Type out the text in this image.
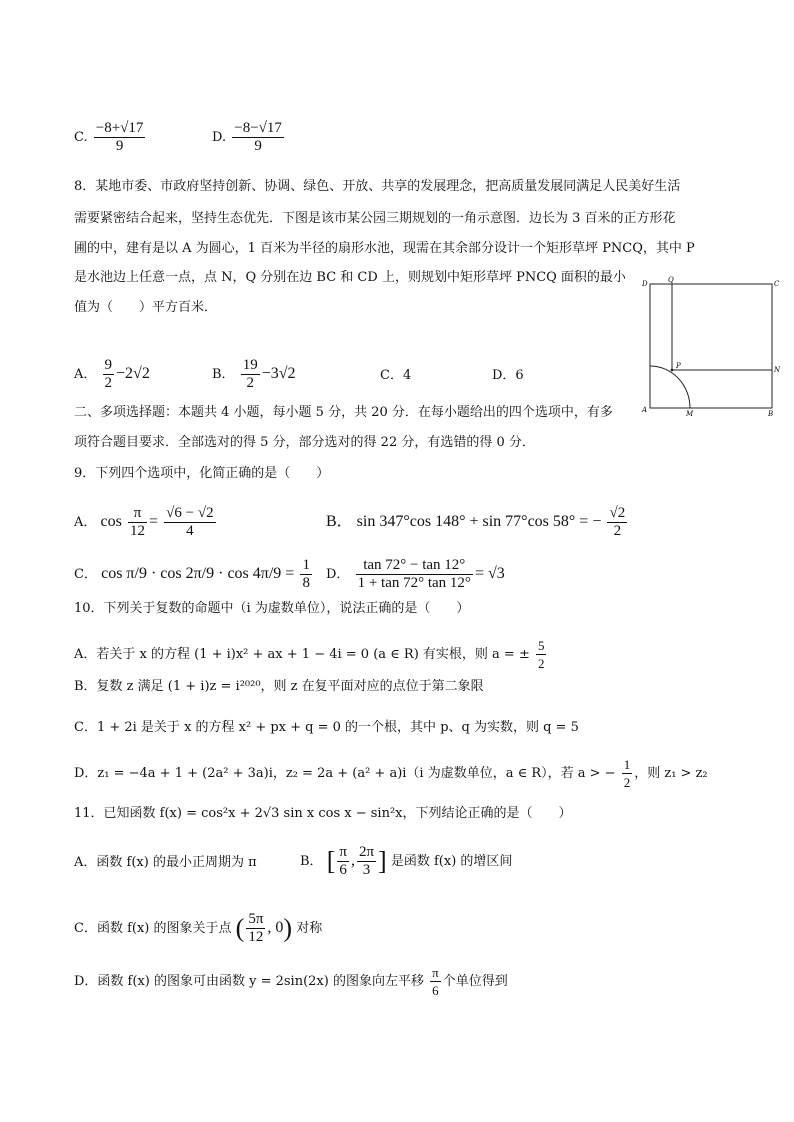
C. $\frac{-8+√17}{9}$	D. $\frac{-8-√17}{9}$
8．某地市委、市政府坚持创新、协调、绿色、开放、共享的发展理念，把高质量发展同满足人民美好生活
需要紧密结合起来，坚持生态优先．下图是该市某公园三期规划的一角示意图．边长为 3 百米的正方形花
圃的中，建有是以 A 为圆心，1 百米为半径的扇形水池，现需在其余部分设计一个矩形草坪 PNCQ，其中 P
是水池边上任意一点，点 N，Q 分别在边 BC 和 CD 上，则规划中矩形草坪 PNCQ 面积的最小
值为（　　）平方百米．
A． $\frac{9}{2} -2√2$	B． $\frac{19}{2} -3√2$	C．4	D．6
D	Q	C
P	N
A	M	B
二、多项选择题：本题共 4 小题，每小题 5 分，共 20 分．在每小题给出的四个选项中，有多
项符合题目要求．全部选对的得 5 分，部分选对的得 22 分，有选错的得 0 分．
9．下列四个选项中，化简正确的是（　　）
A． $\cos \frac{\pi}{12} = \frac{√6 - √2}{4}$	B． sin 347°cos 148° + sin 77°cos 58° = − $\frac{√2}{2}$
C． $\cos \pi/9 \cdot \cos 2\pi/9 \cdot \cos 4\pi/9 = \frac{1}{8}$ D． $\frac{\tan 72^\circ - \tan 12^\circ}{1 + \tan 72^\circ \tan 12^\circ} = √3$
10．下列关于复数的命题中（i 为虚数单位），说法正确的是（　　）
A．若关于 x 的方程 (1 + i)x² + ax + 1 − 4i = 0 (a ∈ R) 有实根，则 a = ± $\frac{5}{2}$
B．复数 z 满足 (1 + i)z = i²⁰²⁰，则 z 在复平面对应的点位于第二象限
C．1 + 2i 是关于 x 的方程 x² + px + q = 0 的一个根，其中 p、q 为实数，则 q = 5
D．z₁ = −4a + 1 + (2a² + 3a)i，z₂ = 2a + (a² + a)i（i 为虚数单位，a ∈ R），若 a > − $\frac{1}{2}$ ，则 z₁ > z₂
11．已知函数 f(x) = cos²x + 2√3 sin x cos x − sin²x，下列结论正确的是（　　）
A．函数 f(x) 的最小正周期为 π	B． [ $\frac{\pi}{6}$ , $\frac{2\pi}{3}$ ] 是函数 f(x) 的增区间
C．函数 f(x) 的图象关于点 ( $\frac{5\pi}{12}$ , 0) 对称
D．函数 f(x) 的图象可由函数 y = 2sin(2x) 的图象向左平移 $\frac{\pi}{6}$ 个单位得到
